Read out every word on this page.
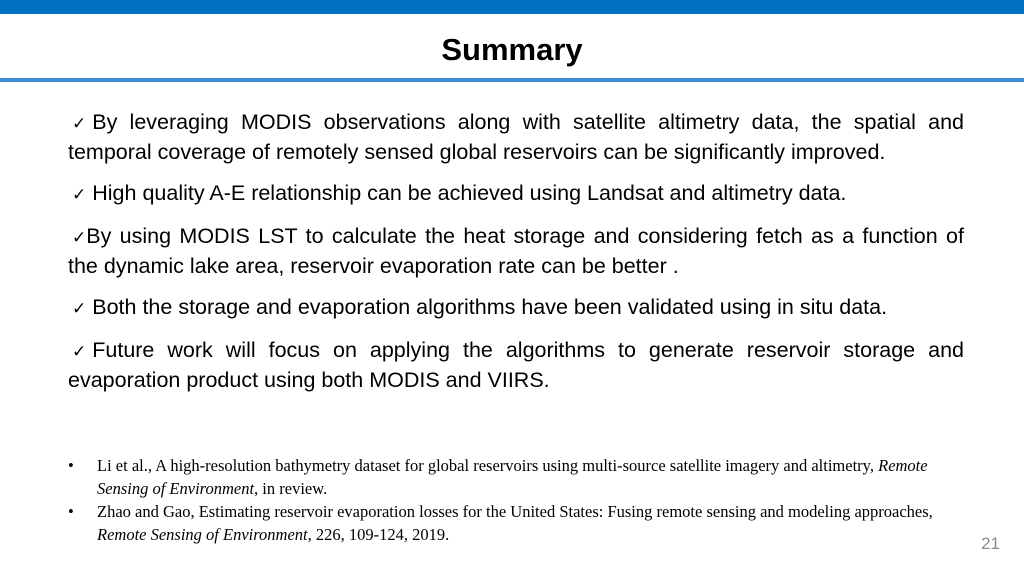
Summary
✓ By leveraging MODIS observations along with satellite altimetry data, the spatial and temporal coverage of remotely sensed global reservoirs can be significantly improved.
✓ High quality A-E relationship can be achieved using Landsat and altimetry data.
✓By using MODIS LST to calculate the heat storage and considering fetch as a function of the dynamic lake area, reservoir evaporation rate can be better .
✓ Both the storage and evaporation algorithms have been validated using in situ data.
✓ Future work will focus on applying the algorithms to generate reservoir storage and evaporation product using both MODIS and VIIRS.
•	Li et al., A high-resolution bathymetry dataset for global reservoirs using multi-source satellite imagery and altimetry, Remote Sensing of Environment, in review.
•	Zhao and Gao, Estimating reservoir evaporation losses for the United States: Fusing remote sensing and modeling approaches, Remote Sensing of Environment, 226, 109-124, 2019.	21
